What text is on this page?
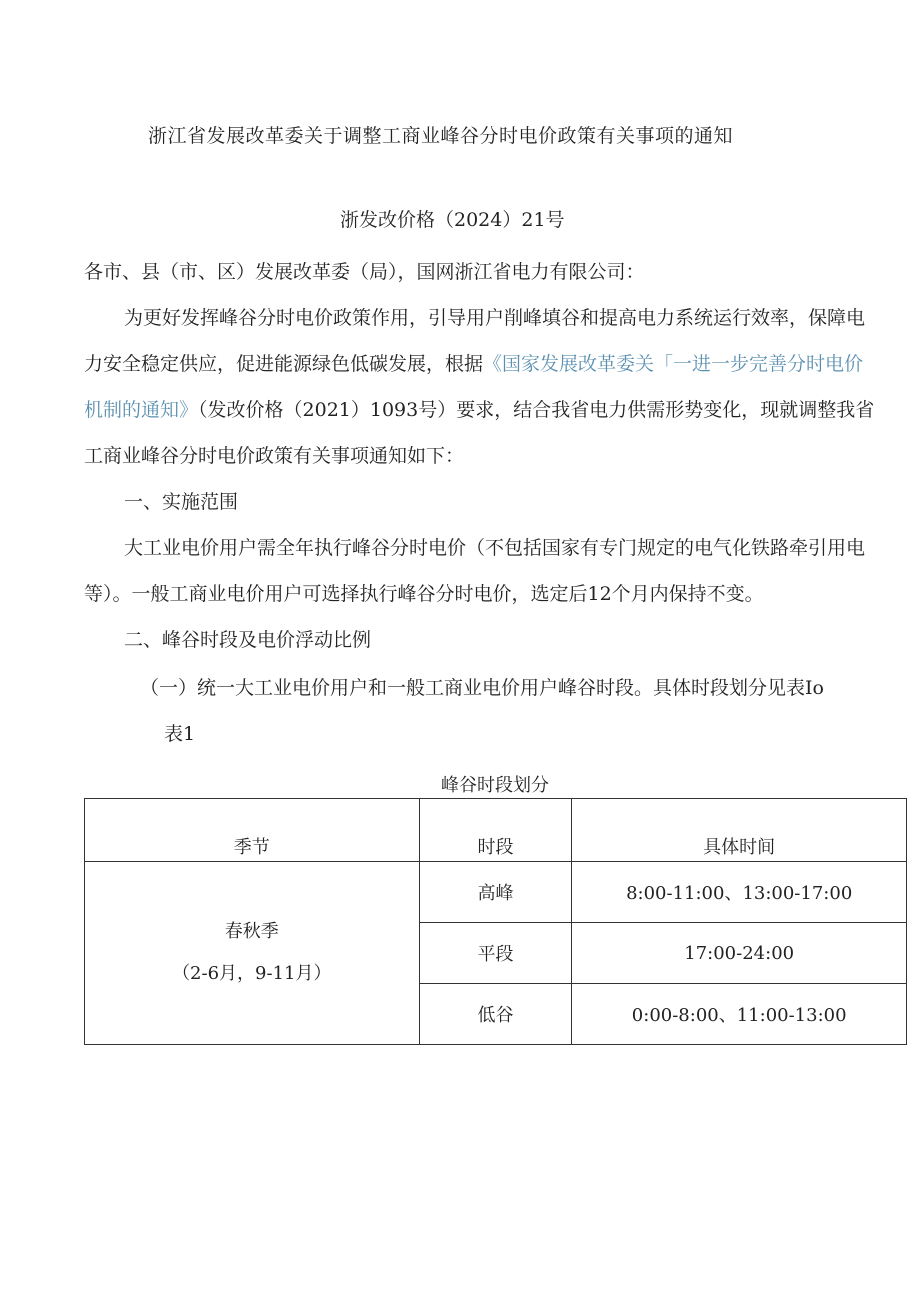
浙江省发展改革委关于调整工商业峰谷分时电价政策有关事项的通知
浙发改价格（2024）21号
各市、县（市、区）发展改革委（局），国网浙江省电力有限公司：
为更好发挥峰谷分时电价政策作用，引导用户削峰填谷和提高电力系统运行效率，保障电
力安全稳定供应，促进能源绿色低碳发展，根据《国家发展改革委关「一进一步完善分时电价
机制的通知》（发改价格（2021）1093号）要求，结合我省电力供需形势变化，现就调整我省
工商业峰谷分时电价政策有关事项通知如下：
一、实施范围
大工业电价用户需全年执行峰谷分时电价（不包括国家有专门规定的电气化铁路牵引用电
等）。一般工商业电价用户可选择执行峰谷分时电价，选定后12个月内保持不变。
二、峰谷时段及电价浮动比例
（一）统一大工业电价用户和一般工商业电价用户峰谷时段。具体时段划分见表Io
表1
峰谷时段划分
季节	时段	具体时间

春秋季
（2-6月，9-11月）	高峰	8:00-11:00、13:00-17:00
	平段	17:00-24:00
	低谷	0:00-8:00、11:00-13:00
